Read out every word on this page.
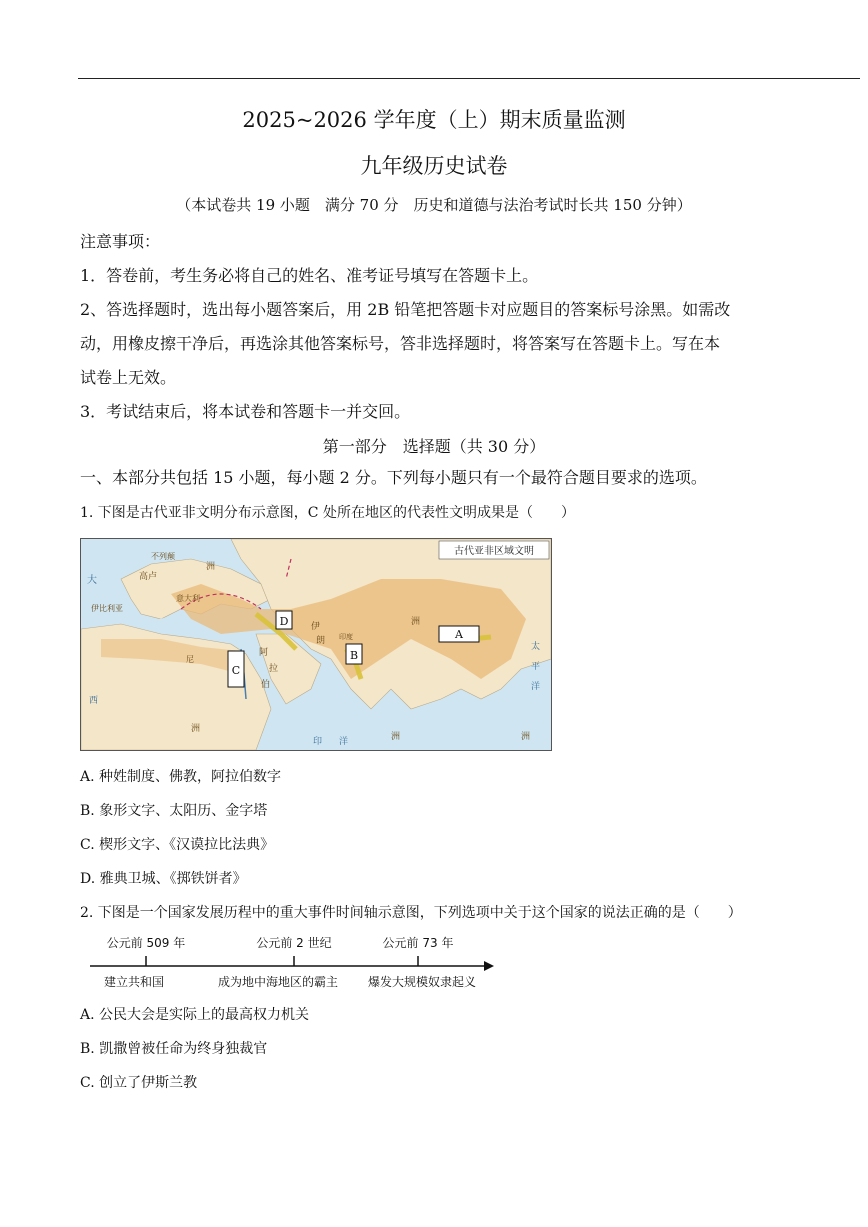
2025~2026 学年度（上）期末质量监测
九年级历史试卷
（本试卷共 19 小题　满分 70 分　历史和道德与法治考试时长共 150 分钟）
注意事项：
1．答卷前，考生务必将自己的姓名、准考证号填写在答题卡上。
2、答选择题时，选出每小题答案后，用 2B 铅笔把答题卡对应题目的答案标号涂黑。如需改
动，用橡皮擦干净后，再选涂其他答案标号，答非选择题时，将答案写在答题卡上。写在本
试卷上无效。
3．考试结束后，将本试卷和答题卡一并交回。
第一部分　选择题（共 30 分）
一、本部分共包括 15 小题，每小题 2 分。下列每小题只有一个最符合题目要求的选项。
1. 下图是古代亚非文明分布示意图，C 处所在地区的代表性文明成果是（　　）
古代亚非区域文明
不列颠
高卢
伊比利亚
意大利
大
洲
尼
阿
拉
伯
伊
朗 印度
洲
洲
印 洋	洲	洲
太
平
洋
西
D
B
C
A
A. 种姓制度、佛教，阿拉伯数字
B. 象形文字、太阳历、金字塔
C. 楔形文字、《汉谟拉比法典》
D. 雅典卫城、《掷铁饼者》
2. 下图是一个国家发展历程中的重大事件时间轴示意图，下列选项中关于这个国家的说法正确的是（　　）
公元前 509 年	公元前 2 世纪	公元前 73 年
建立共和国	成为地中海地区的霸主 爆发大规模奴隶起义
A. 公民大会是实际上的最高权力机关
B. 凯撒曾被任命为终身独裁官
C. 创立了伊斯兰教
